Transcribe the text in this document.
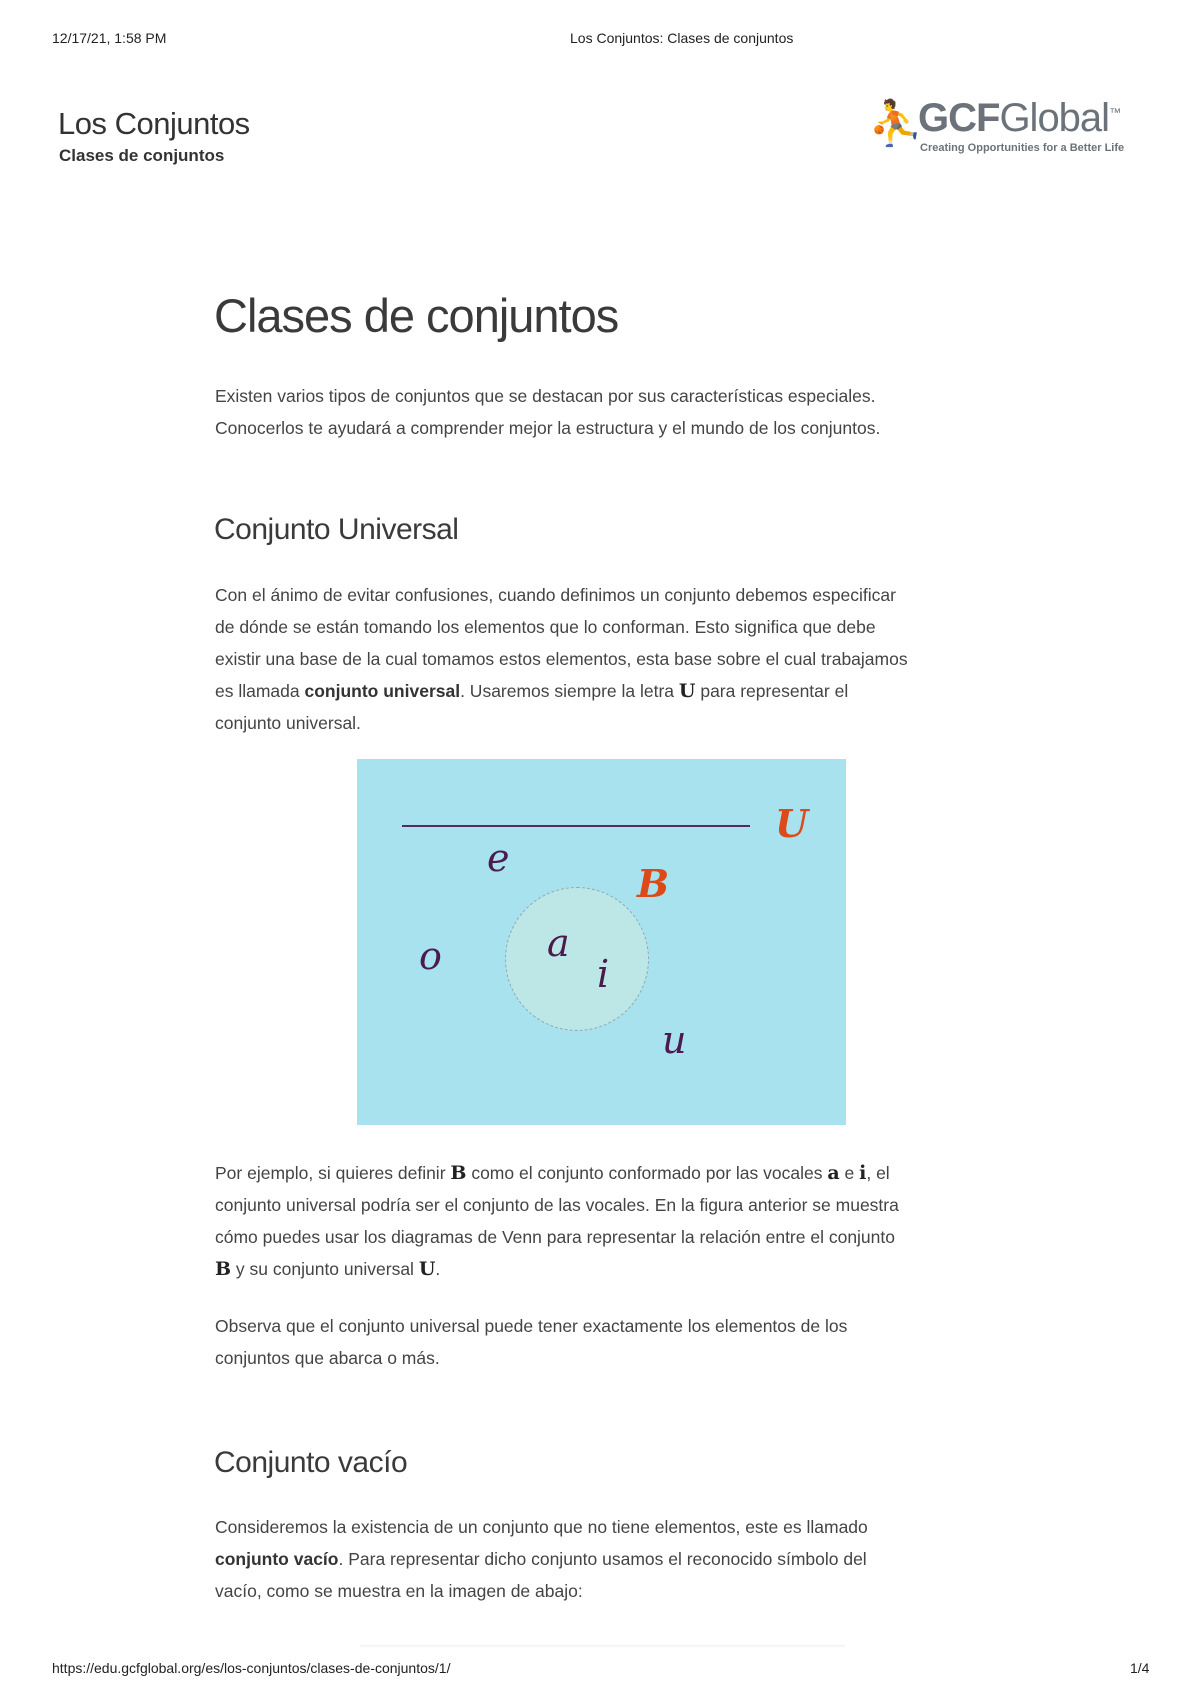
12/17/21, 1:58 PM	Los Conjuntos: Clases de conjuntos
Los Conjuntos
Clases de conjuntos
⛹
GCFGlobal™
Creating Opportunities for a Better Life
Clases de conjuntos
Existen varios tipos de conjuntos que se destacan por sus características especiales.
Conocerlos te ayudará a comprender mejor la estructura y el mundo de los conjuntos.
Conjunto Universal
Con el ánimo de evitar confusiones, cuando definimos un conjunto debemos especificar
de dónde se están tomando los elementos que lo conforman. Esto significa que debe
existir una base de la cual tomamos estos elementos, esta base sobre el cual trabajamos
es llamada conjunto universal. Usaremos siempre la letra U para representar el
conjunto universal.
U
B
e
o
u
a
i
Por ejemplo, si quieres definir B como el conjunto conformado por las vocales a e i, el
conjunto universal podría ser el conjunto de las vocales. En la figura anterior se muestra
cómo puedes usar los diagramas de Venn para representar la relación entre el conjunto
B y su conjunto universal U.
Observa que el conjunto universal puede tener exactamente los elementos de los
conjuntos que abarca o más.
Conjunto vacío
Consideremos la existencia de un conjunto que no tiene elementos, este es llamado
conjunto vacío. Para representar dicho conjunto usamos el reconocido símbolo del
vacío, como se muestra en la imagen de abajo:
https://edu.gcfglobal.org/es/los-conjuntos/clases-de-conjuntos/1/	1/4
